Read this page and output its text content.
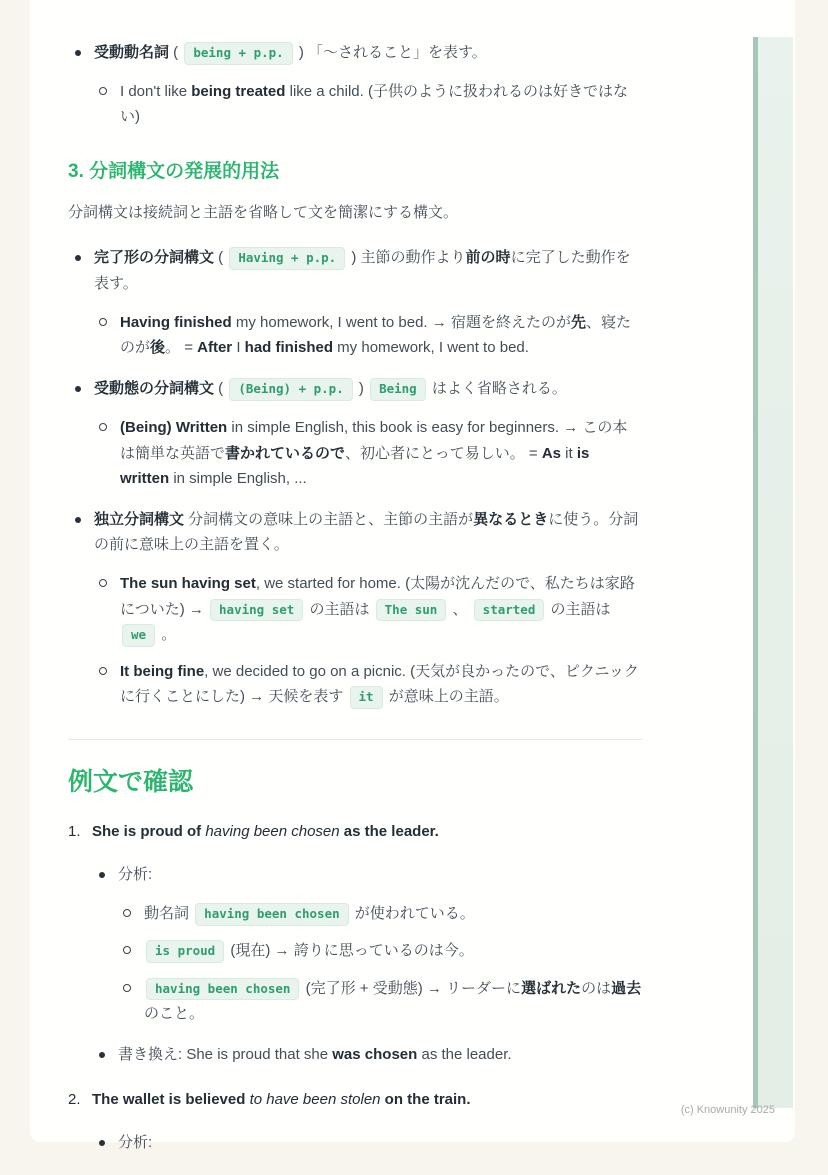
受動動名詞 ( being + p.p. ) 「〜されること」を表す。
I don't like being treated like a child. (子供のように扱われるのは好きではない)
3. 分詞構文の発展的用法

分詞構文は接続詞と主語を省略して文を簡潔にする構文。

完了形の分詞構文 ( Having + p.p. ) 主節の動作より前の時に完了した動作を表す。
Having finished my homework, I went to bed. → 宿題を終えたのが先、寝たのが後。 = After I had finished my homework, I went to bed.
受動態の分詞構文 ( (Being) + p.p. ) Being はよく省略される。
(Being) Written in simple English, this book is easy for beginners. → この本は簡単な英語で書かれているので、初心者にとって易しい。 = As it is written in simple English, ...
独立分詞構文 分詞構文の意味上の主語と、主節の主語が異なるときに使う。分詞の前に意味上の主語を置く。
The sun having set, we started for home. (太陽が沈んだので、私たちは家路についた) → having set の主語は The sun 、 started の主語は we 。
It being fine, we decided to go on a picnic. (天気が良かったので、ピクニックに行くことにした) → 天候を表す it が意味上の主語。
例文で確認
1. She is proud of having been chosen as the leader.
分析:
動名詞 having been chosen が使われている。
is proud (現在) → 誇りに思っているのは今。
having been chosen (完了形 + 受動態) → リーダーに選ばれたのは過去のこと。
書き換え: She is proud that she was chosen as the leader.
2. The wallet is believed to have been stolen on the train.
分析:
(c) Knowunity 2025
